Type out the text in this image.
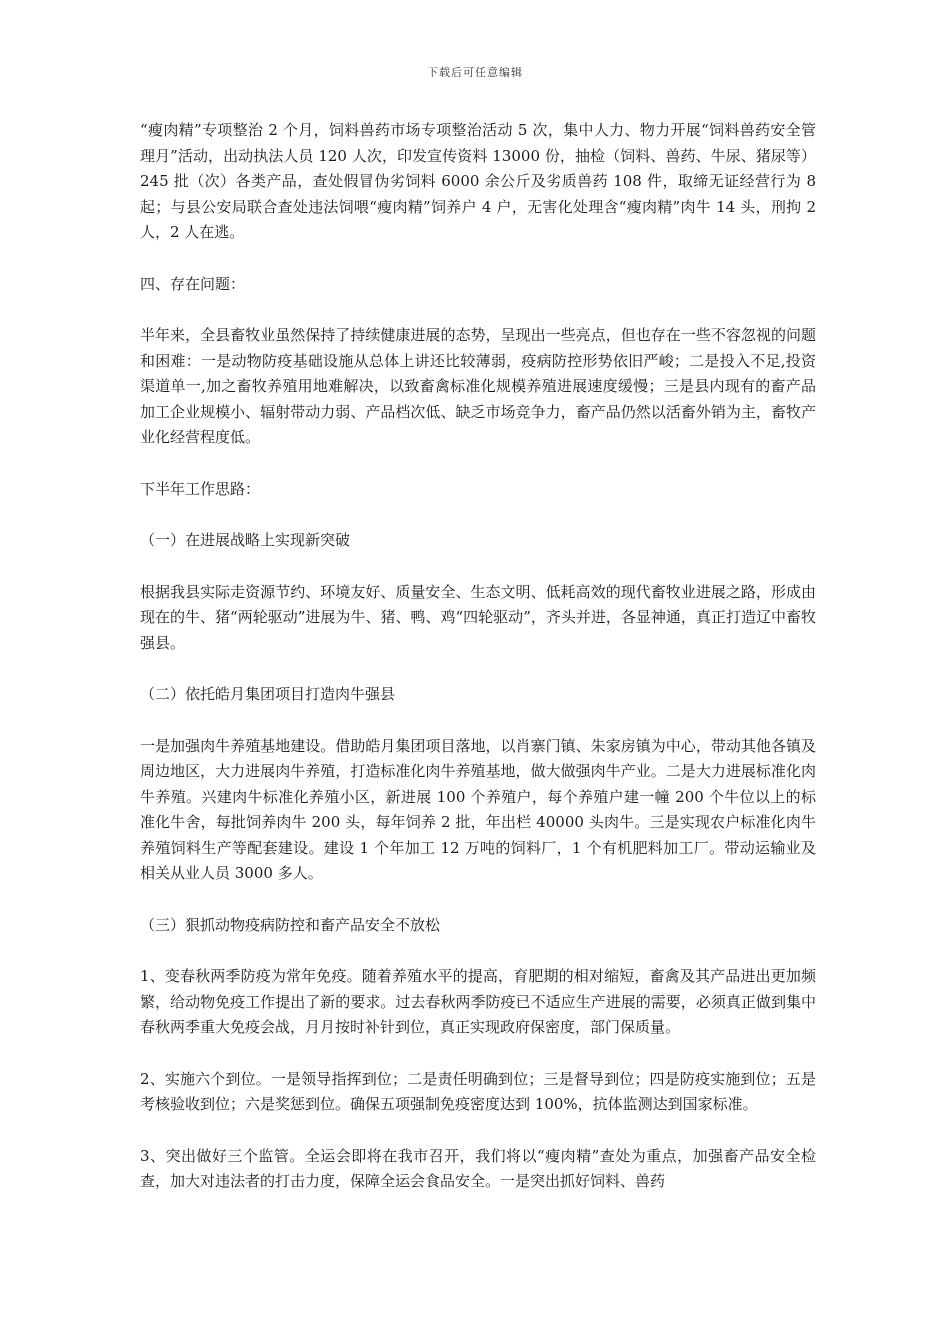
下载后可任意编辑

“瘦肉精”专项整治 2 个月，饲料兽药市场专项整治活动 5 次，集中人力、物力开展“饲料兽药安全管理月”活动，出动执法人员 120 人次，印发宣传资料 13000 份，抽检（饲料、兽药、牛尿、猪尿等）245 批（次）各类产品，查处假冒伪劣饲料 6000 余公斤及劣质兽药 108 件，取缔无证经营行为 8 起；与县公安局联合查处违法饲喂“瘦肉精”饲养户 4 户，无害化处理含“瘦肉精”肉牛 14 头，刑拘 2 人，2 人在逃。

四、存在问题：

半年来，全县畜牧业虽然保持了持续健康进展的态势，呈现出一些亮点，但也存在一些不容忽视的问题和困难：一是动物防疫基础设施从总体上讲还比较薄弱，疫病防控形势依旧严峻；二是投入不足,投资渠道单一,加之畜牧养殖用地难解决，以致畜禽标准化规模养殖进展速度缓慢；三是县内现有的畜产品加工企业规模小、辐射带动力弱、产品档次低、缺乏市场竞争力，畜产品仍然以活畜外销为主，畜牧产业化经营程度低。

下半年工作思路：

（一）在进展战略上实现新突破

根据我县实际走资源节约、环境友好、质量安全、生态文明、低耗高效的现代畜牧业进展之路，形成由现在的牛、猪“两轮驱动”进展为牛、猪、鸭、鸡“四轮驱动”，齐头并进，各显神通，真正打造辽中畜牧强县。

（二）依托皓月集团项目打造肉牛强县

一是加强肉牛养殖基地建设。借助皓月集团项目落地，以肖寨门镇、朱家房镇为中心，带动其他各镇及周边地区，大力进展肉牛养殖，打造标准化肉牛养殖基地，做大做强肉牛产业。二是大力进展标准化肉牛养殖。兴建肉牛标准化养殖小区，新进展 100 个养殖户，每个养殖户建一幢 200 个牛位以上的标准化牛舍，每批饲养肉牛 200 头，每年饲养 2 批，年出栏 40000 头肉牛。三是实现农户标准化肉牛养殖饲料生产等配套建设。建设 1 个年加工 12 万吨的饲料厂，1 个有机肥料加工厂。带动运输业及相关从业人员 3000 多人。

（三）狠抓动物疫病防控和畜产品安全不放松

1、变春秋两季防疫为常年免疫。随着养殖水平的提高，育肥期的相对缩短，畜禽及其产品进出更加频繁，给动物免疫工作提出了新的要求。过去春秋两季防疫已不适应生产进展的需要，必须真正做到集中春秋两季重大免疫会战，月月按时补针到位，真正实现政府保密度，部门保质量。

2、实施六个到位。一是领导指挥到位；二是责任明确到位；三是督导到位；四是防疫实施到位；五是考核验收到位；六是奖惩到位。确保五项强制免疫密度达到 100%，抗体监测达到国家标准。

3、突出做好三个监管。全运会即将在我市召开，我们将以“瘦肉精”查处为重点，加强畜产品安全检查，加大对违法者的打击力度，保障全运会食品安全。一是突出抓好饲料、兽药
